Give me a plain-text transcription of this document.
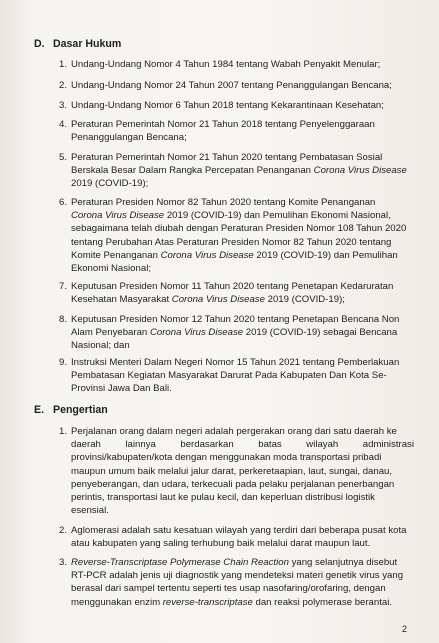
D. Dasar Hukum
1. Undang-Undang Nomor 4 Tahun 1984 tentang Wabah Penyakit Menular;
2. Undang-Undang Nomor 24 Tahun 2007 tentang Penanggulangan Bencana;
3. Undang-Undang Nomor 6 Tahun 2018 tentang Kekarantinaan Kesehatan;
4. Peraturan Pemerintah Nomor 21 Tahun 2018 tentang Penyelenggaraan
Penanggulangan Bencana;
5. Peraturan Pemerintah Nomor 21 Tahun 2020 tentang Pembatasan Sosial
Berskala Besar Dalam Rangka Percepatan Penanganan Corona Virus Disease
2019 (COVID-19);
6. Peraturan Presiden Nomor 82 Tahun 2020 tentang Komite Penanganan
Corona Virus Disease 2019 (COVID-19) dan Pemulihan Ekonomi Nasional,
sebagaimana telah diubah dengan Peraturan Presiden Nomor 108 Tahun 2020
tentang Perubahan Atas Peraturan Presiden Nomor 82 Tahun 2020 tentang
Komite Penanganan Corona Virus Disease 2019 (COVID-19) dan Pemulihan
Ekonomi Nasional;
7. Keputusan Presiden Nomor 11 Tahun 2020 tentang Penetapan Kedaruratan
Kesehatan Masyarakat Corona Virus Disease 2019 (COVID-19);
8. Keputusan Presiden Nomor 12 Tahun 2020 tentang Penetapan Bencana Non
Alam Penyebaran Corona Virus Disease 2019 (COVID-19) sebagai Bencana
Nasional; dan
9. Instruksi Menteri Dalam Negeri Nomor 15 Tahun 2021 tentang Pemberlakuan
Pembatasan Kegiatan Masyarakat Darurat Pada Kabupaten Dan Kota Se-
Provinsi Jawa Dan Bali.
E. Pengertian
1. Perjalanan orang dalam negeri adalah pergerakan orang dari satu daerah ke
daerah lainnya berdasarkan batas wilayah administrasi
provinsi/kabupaten/kota dengan menggunakan moda transportasi pribadi
maupun umum baik melalui jalur darat, perkeretaapian, laut, sungai, danau,
penyeberangan, dan udara, terkecuali pada pelaku perjalanan penerbangan
perintis, transportasi laut ke pulau kecil, dan keperluan distribusi logistik
esensial.
2. Aglomerasi adalah satu kesatuan wilayah yang terdiri dari beberapa pusat kota
atau kabupaten yang saling terhubung baik melalui darat maupun laut.
3. Reverse-Transcriptase Polymerase Chain Reaction yang selanjutnya disebut
RT-PCR adalah jenis uji diagnostik yang mendeteksi materi genetik virus yang
berasal dari sampel tertentu seperti tes usap nasofaring/orofaring, dengan
menggunakan enzim reverse-transcriptase dan reaksi polymerase berantai.
2
